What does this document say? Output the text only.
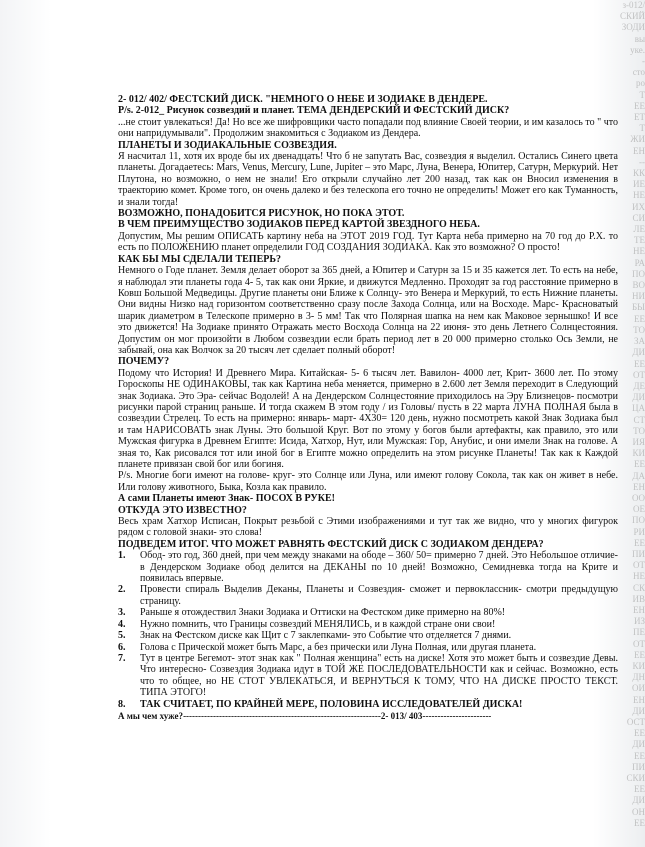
з-012/
СКИЙ
ЗОДИ
вы
уке.
-
сто
ро
Т
ЕЕ
ЕТ
Т
ЖИ
ЕН
--
КК
ИЕ
НЕ
ИХ
СИ
ЛЕ
ТЕ
НЕ
РА
ПО
ВО
НИ
БЫ
ЕЕ
ТО
ЗА
ДИ
ЕЕ
ОТ
ДЕ
ДИ
ЦА
СТ
ТО
ИЯ
КИ
ЕЕ
ДА
ЕН
ОО
ОЕ
ПО
РИ
ЕЕ
ПИ
ОТ
НЕ
СК
ИВ
ЕН
ИЗ
ПЕ
ОТ
ЕЕ
КИ
ДН
ОИ
ЕН
ДИ
ОСТ
ЕЕ
ДИ
ЕЕ
ПИ
СКИ
ЕЕ
ДИ
ОН
ЕЕ

2- 012/ 402/ ФЕСТСКИЙ ДИСК. "НЕМНОГО О НЕБЕ И ЗОДИАКЕ В ДЕНДЕРЕ.

P/s. 2-012_ Рисунок созвездий и планет. ТЕМА ДЕНДЕРСКИЙ И ФЕСТСКИЙ ДИСК?

...не стоит увлекаться! Да! Но все же шифровщики часто попадали под влияние Своей теории, и им казалось то " что они напридумывали". Продолжим знакомиться с Зодиаком из Дендера.

ПЛАНЕТЫ И ЗОДИАКАЛЬНЫЕ СОЗВЕЗДИЯ.

Я насчитал 11, хотя их вроде бы их двенадцать! Что б не запутать Вас, созвездия я выделил. Остались Синего цвета планеты. Догадаетесь: Mars, Venus, Mercury, Lune, Jupiter – это Марс, Луна, Венера, Юпитер, Сатурн, Меркурий. Нет Плутона, но возможно, о нем не знали! Его открыли случайно лет 200 назад, так как он Вносил изменения в траекторию комет. Кроме того, он очень далеко и без телескопа его точно не определить! Может его как Туманность, и знали тогда!

ВОЗМОЖНО, ПОНАДОБИТСЯ РИСУНОК, НО ПОКА ЭТОТ.

В ЧЕМ ПРЕИМУЩЕСТВО ЗОДИАКОВ ПЕРЕД КАРТОЙ ЗВЕЗДНОГО НЕБА.

Допустим, Мы решим ОПИСАТЬ картину неба на ЭТОТ 2019 ГОД. Тут Карта неба примерно на 70 год до Р.Х. то есть по ПОЛОЖЕНИЮ планет определили ГОД СОЗДАНИЯ ЗОДИАКА. Как это возможно? О просто!

КАК БЫ МЫ СДЕЛАЛИ ТЕПЕРЬ?

Немного о Годе планет. Земля делает оборот за 365 дней, а Юпитер и Сатурн за 15 и 35 кажется лет. То есть на небе, я наблюдал эти планеты года 4- 5, так как они Яркие, и движутся Медленно. Проходят за год расстояние примерно в Ковш Большой Медведицы. Другие планеты они Ближе к Солнцу- это Венера и Меркурий, то есть Нижние планеты. Они видны Низко над горизонтом соответственно сразу после Захода Солнца, или на Восходе. Марс- Красноватый шарик диаметром в Телескопе примерно в 3- 5 мм! Так что Полярная шапка на нем как Маковое зернышко! И все это движется! На Зодиаке принято Отражать место Восхода Солнца на 22 июня- это день Летнего Солнцестояния. Допустим он мог произойти в Любом созвездии если брать период лет в 20 000 примерно столько Ось Земли, не забывай, она как Волчок за 20 тысяч лет сделает полный оборот!

ПОЧЕМУ?

Подому что История! И Древнего Мира. Китайская- 5- 6 тысяч лет. Вавилон- 4000 лет, Крит- 3600 лет. По этому Гороскопы НЕ ОДИНАКОВЫ, так как Картина неба меняется, примерно в 2.600 лет Земля переходит в Следующий знак Зодиака. Это Эра- сейчас Водолей! А на Дендерском Солнцестояние приходилось на Эру Близнецов- посмотри рисунки парой страниц раньше. И тогда скажем В этом году / из Головы/ пусть в 22 марта ЛУНА ПОЛНАЯ была в созвездии Стрелец. То есть на примерно: январь- март- 4Х30= 120 день, нужно посмотреть какой Знак Зодиака был и там НАРИСОВАТЬ знак Луны. Это большой Круг. Вот по этому у богов были артефакты, как правило, это или Мужская фигурка в Древнем Египте: Исида, Хатхор, Нут, или Мужская: Гор, Анубис, и они имели Знак на голове. А зная то, Как рисовался тот или иной бог в Египте можно определить на этом рисунке Планеты! Так как к Каждой планете привязан свой бог или богиня.

P/s. Многие боги имеют на голове- круг- это Солнце или Луна, или имеют голову Сокола, так как он живет в небе. Или голову животного, Быка, Козла как правило.

А сами Планеты имеют Знак- ПОСОХ В РУКЕ!

ОТКУДА ЭТО ИЗВЕСТНО?

Весь храм Хатхор Исписан, Покрыт резьбой с Этими изображениями и тут так же видно, что у многих фигурок рядом с головой знаки- это слова!

ПОДВЕДЕМ ИТОГ. ЧТО МОЖЕТ РАВНЯТЬ ФЕСТСКИЙ ДИСК С ЗОДИАКОМ ДЕНДЕРА?

1.	Обод- это год, 360 дней, при чем между знаками на ободе – 360/ 50= примерно 7 дней. Это Небольшое отличие- в Дендерском Зодиаке обод делится на ДЕКАНЫ по 10 дней! Возможно, Семидневка тогда на Крите и появилась впервые.
2.	Провести спираль Выделив Деканы, Планеты и Созвездия- сможет и первоклассник- смотри предыдущую страницу.
3.	Раньше я отождествил Знаки Зодиака и Оттиски на Фестском дике примерно на 80%!
4.	Нужно помнить, что Границы созвездий МЕНЯЛИСЬ, и в каждой стране они свои!
5.	Знак на Фестском диске как Щит с 7 заклепками- это Событие что отделяется 7 днями.
6.	Голова с Прической может быть Марс, а без прически или Луна Полная, или другая планета.
7.	Тут в центре Бегемот- этот знак как " Полная женщина" есть на диске! Хотя это может быть и созвездие Девы. Что интересно- Созвездия Зодиака идут в ТОЙ ЖЕ ПОСЛЕДОВАТЕЛЬНОСТИ как и сейчас. Возможно, есть что то общее, но НЕ СТОТ УВЛЕКАТЬСЯ, И ВЕРНУТЬСЯ К ТОМУ, ЧТО НА ДИСКЕ ПРОСТО ТЕКСТ. ТИПА ЭТОГО!
8.	ТАК СЧИТАЕТ, ПО КРАЙНЕЙ МЕРЕ, ПОЛОВИНА ИССЛЕДОВАТЕЛЕЙ ДИСКА!
А мы чем хуже? ------------------------------------------------------------------ 2- 013/ 403 -----------------------
